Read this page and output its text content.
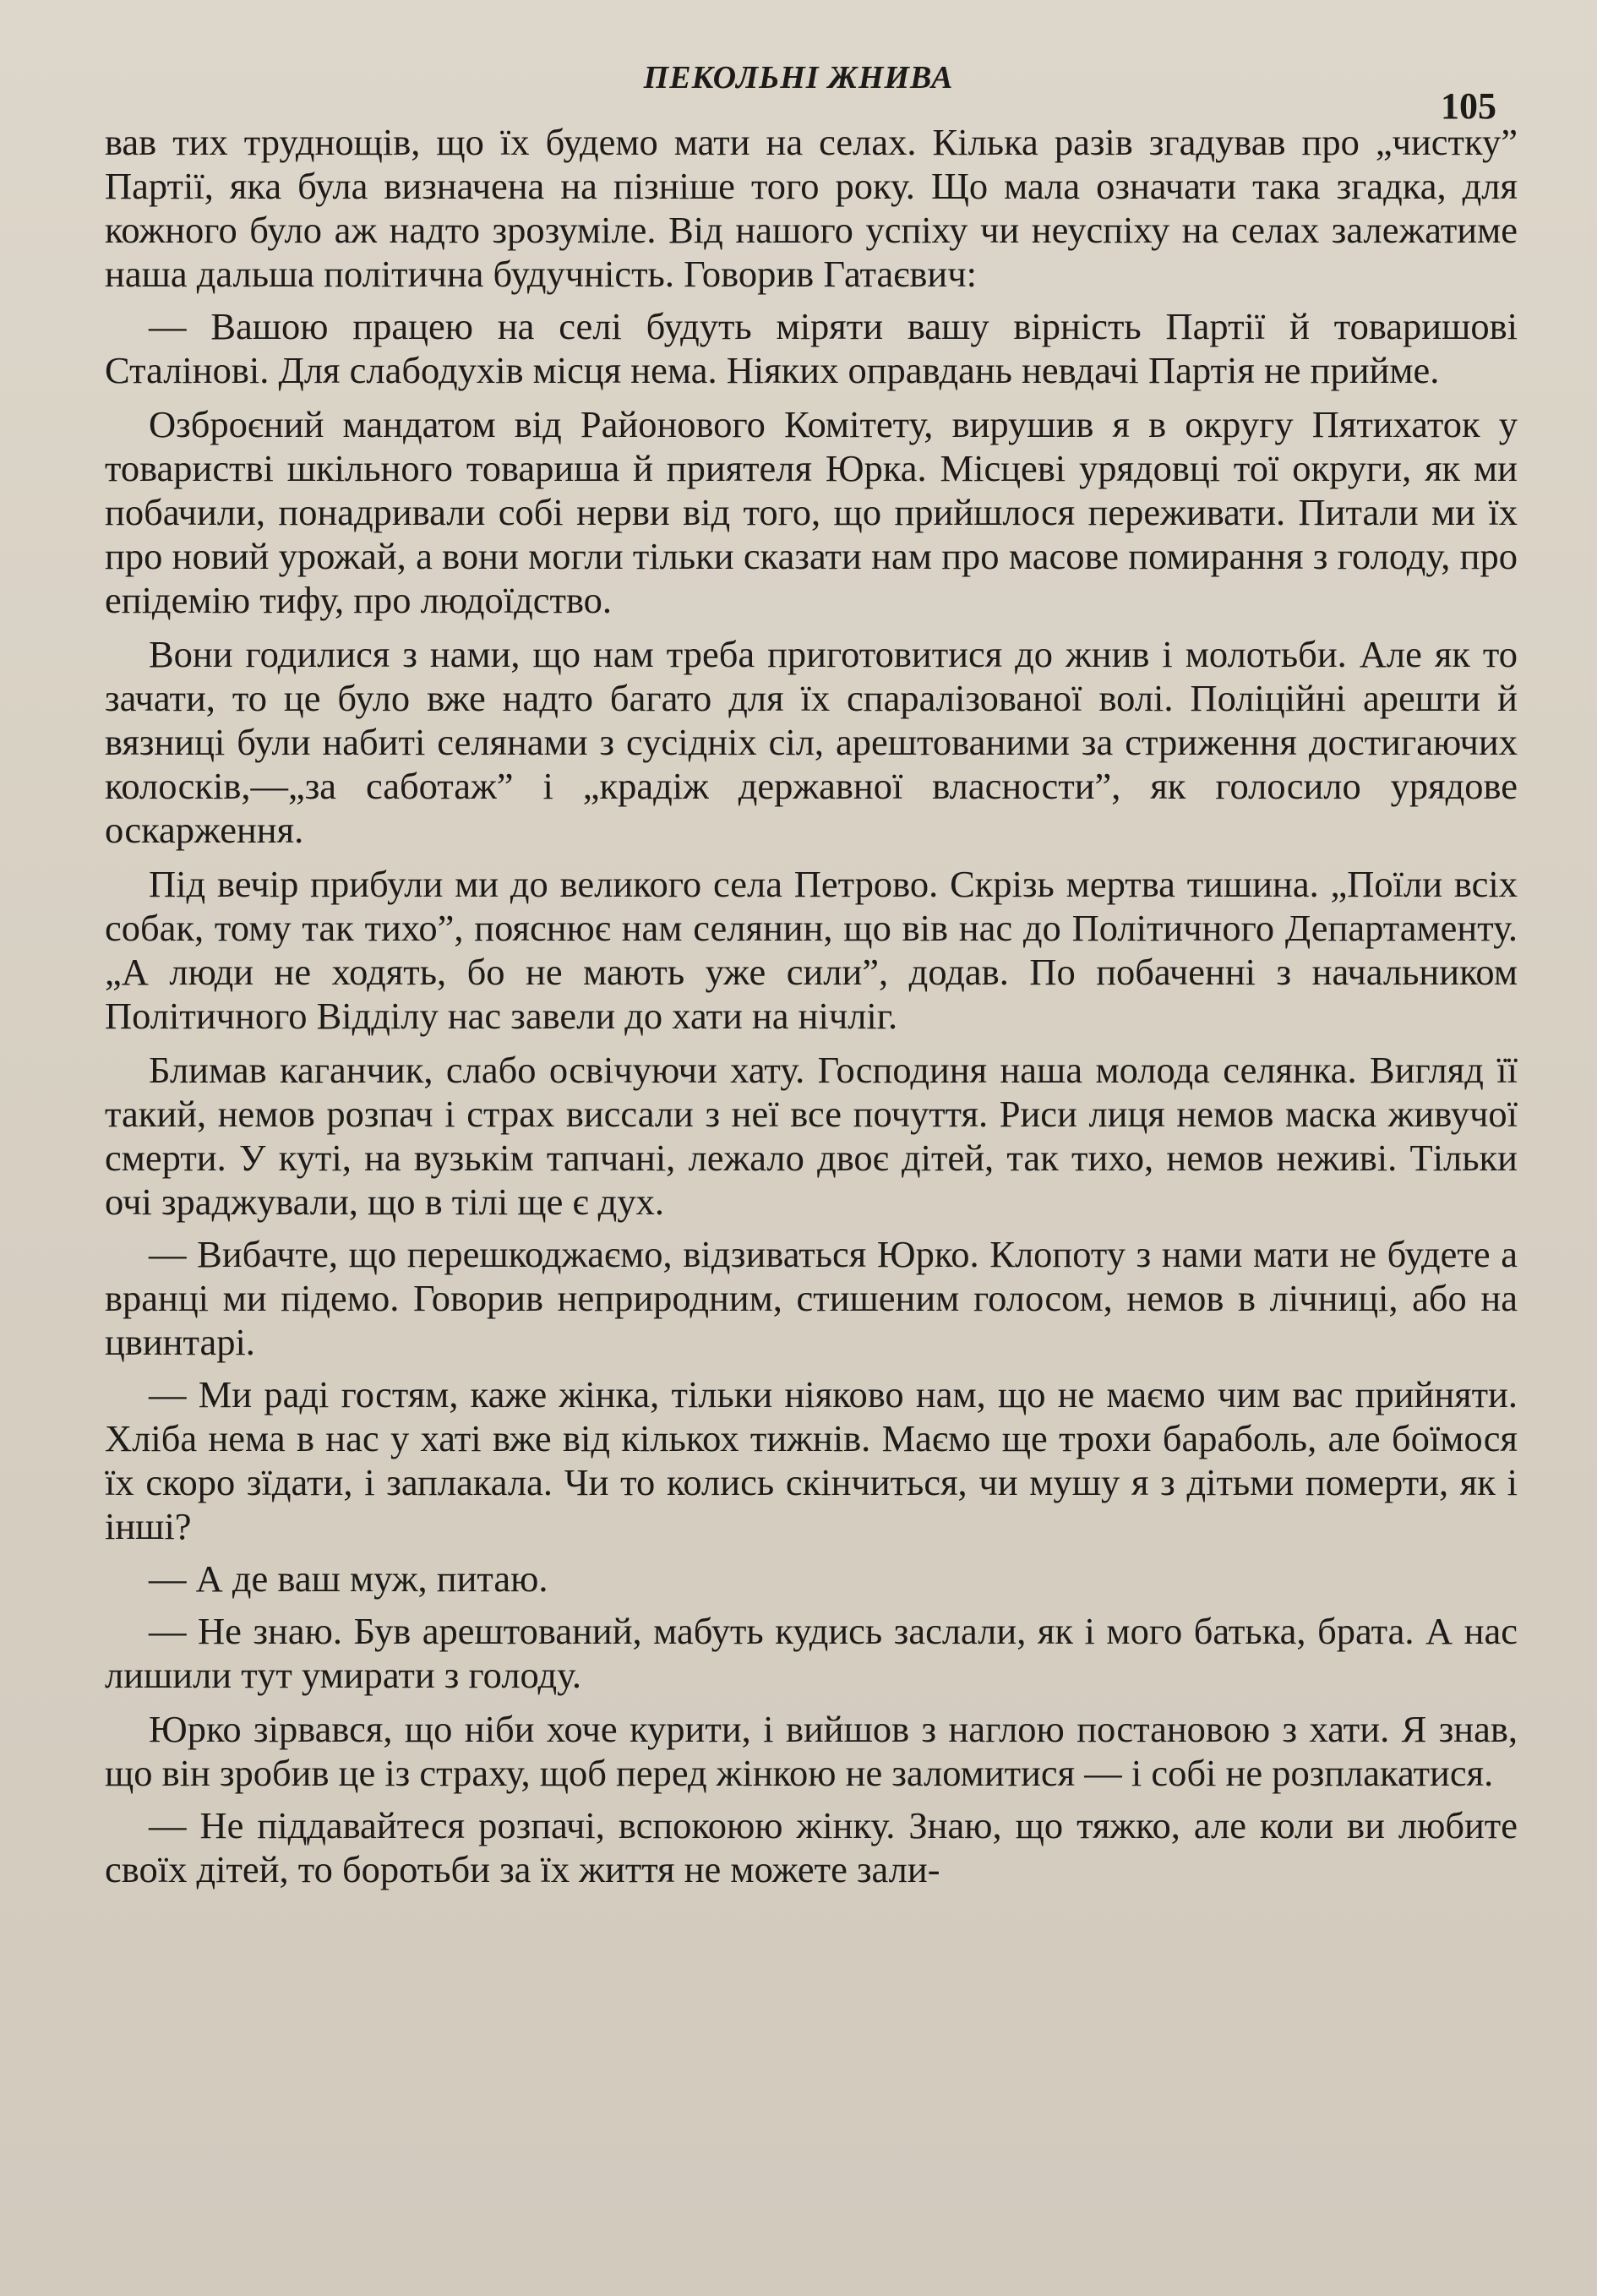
ПЕКОЛЬНІ ЖНИВА
105

вав тих труднощів, що їх будемо мати на селах. Кілька разів згадував про „чистку” Партії, яка була визначена на пізніше того року. Що мала означати така згадка, для кожного було аж надто зрозуміле. Від нашого успіху чи неуспіху на селах залежатиме наша дальша політична будучність. Говорив Гатаєвич:

— Вашою працею на селі будуть міряти вашу вірність Партії й товаришові Сталінові. Для слабодухів місця нема. Ніяких оправдань невдачі Партія не прийме.

Озброєний мандатом від Районового Комітету, вирушив я в округу Пятихаток у товаристві шкільного товариша й приятеля Юрка. Місцеві урядовці тої округи, як ми побачили, понадривали собі нерви від того, що прийшлося переживати. Питали ми їх про новий урожай, а вони могли тільки сказати нам про масове помирання з голоду, про епідемію тифу, про людоїдство.

Вони годилися з нами, що нам треба приготовитися до жнив і молотьби. Але як то зачати, то це було вже надто багато для їх спаралізованої волі. Поліційні арешти й вязниці були набиті селянами з сусідніх сіл, арештованими за стриження достигаючих колосків,—„за саботаж” і „крадіж державної власности”, як голосило урядове оскарження.

Під вечір прибули ми до великого села Петрово. Скрізь мертва тишина. „Поїли всіх собак, тому так тихо”, пояснює нам селянин, що вів нас до Політичного Департаменту. „А люди не ходять, бо не мають уже сили”, додав. По побаченні з начальником Політичного Відділу нас завели до хати на нічліг.

Блимав каганчик, слабо освічуючи хату. Господиня наша молода селянка. Вигляд її такий, немов розпач і страх виссали з неї все почуття. Риси лиця немов маска живучої смерти. У куті, на вузькім тапчані, лежало двоє дітей, так тихо, немов неживі. Тільки очі зраджували, що в тілі ще є дух.

— Вибачте, що перешкоджаємо, відзиваться Юрко. Клопоту з нами мати не будете а вранці ми підемо. Говорив неприродним, стишеним голосом, немов в лічниці, або на цвинтарі.

— Ми раді гостям, каже жінка, тільки ніяково нам, що не маємо чим вас прийняти. Хліба нема в нас у хаті вже від кількох тижнів. Маємо ще трохи бараболь, але боїмося їх скоро зїдати, і заплакала. Чи то колись скінчиться, чи мушу я з дітьми померти, як і інші?

— А де ваш муж, питаю.

— Не знаю. Був арештований, мабуть кудись заслали, як і мого батька, брата. А нас лишили тут умирати з голоду.

Юрко зірвався, що ніби хоче курити, і вийшов з наглою постановою з хати. Я знав, що він зробив це із страху, щоб перед жінкою не заломитися — і собі не розплакатися.

— Не піддавайтеся розпачі, вспокоюю жінку. Знаю, що тяжко, але коли ви любите своїх дітей, то боротьби за їх життя не можете зали-
